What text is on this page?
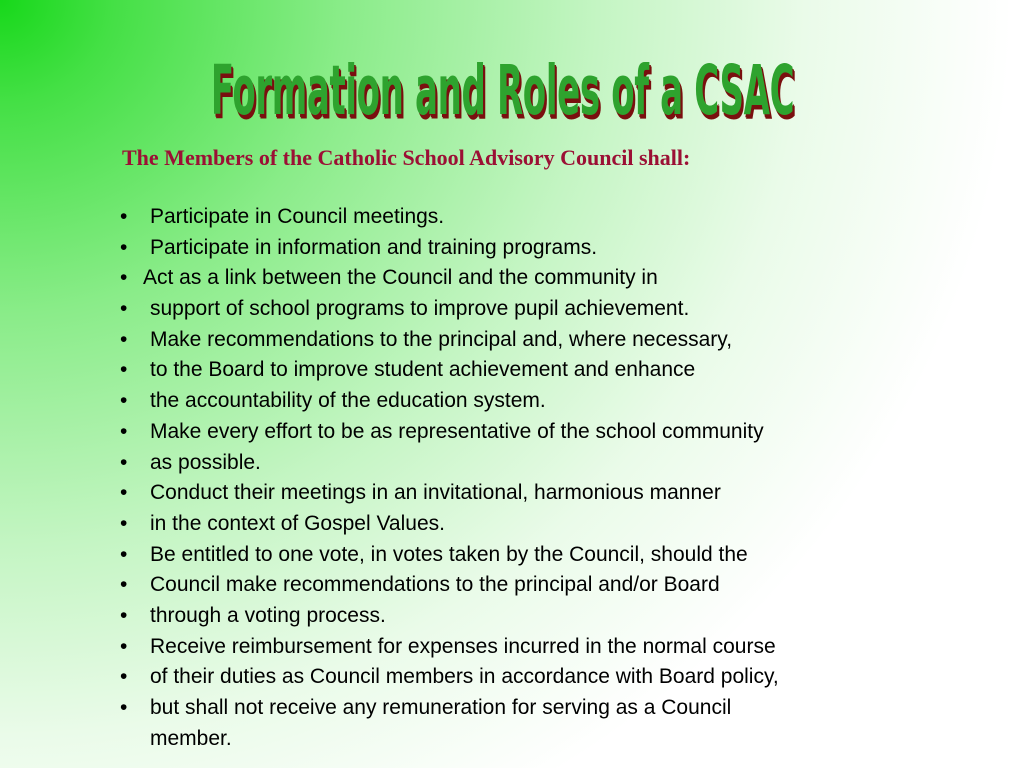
Formation and Roles of a CSAC
The Members of the Catholic School Advisory Council shall:
• Participate in Council meetings.
• Participate in information and training programs.
• Act as a link between the Council and the community in
• support of school programs to improve pupil achievement.
• Make recommendations to the principal and, where necessary,
• to the Board to improve student achievement and enhance
• the accountability of the education system.
• Make every effort to be as representative of the school community
• as possible.
• Conduct their meetings in an invitational, harmonious manner
• in the context of Gospel Values.
• Be entitled to one vote, in votes taken by the Council, should the
• Council make recommendations to the principal and/or Board
• through a voting process.
• Receive reimbursement for expenses incurred in the normal course
• of their duties as Council members in accordance with Board policy,
• but shall not receive any remuneration for serving as a Council
member.
